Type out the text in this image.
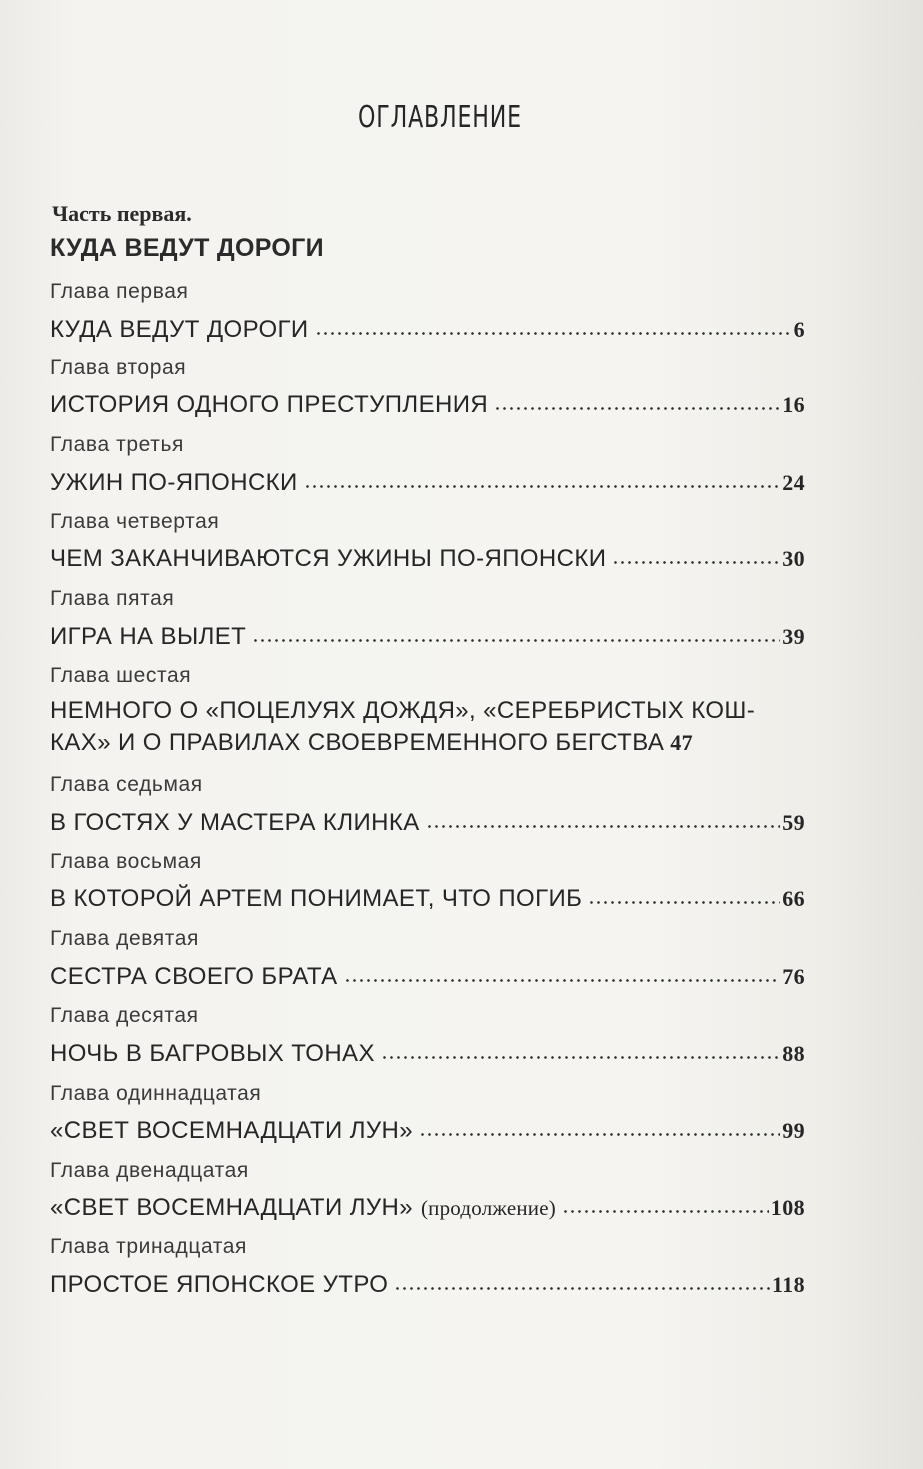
ОГЛАВЛЕНИЕ
Часть первая.
КУДА ВЕДУТ ДОРОГИ
Глава первая
КУДА ВЕДУТ ДОРОГИ	6
Глава вторая
ИСТОРИЯ ОДНОГО ПРЕСТУПЛЕНИЯ	16
Глава третья
УЖИН ПО-ЯПОНСКИ	24
Глава четвертая
ЧЕМ ЗАКАНЧИВАЮТСЯ УЖИНЫ ПО-ЯПОНСКИ	30
Глава пятая
ИГРА НА ВЫЛЕТ	39
Глава шестая
НЕМНОГО О «ПОЦЕЛУЯХ ДОЖДЯ», «СЕРЕБРИСТЫХ КОШ-
КАХ» И О ПРАВИЛАХ СВОЕВРЕМЕННОГО БЕГСТВА 47
Глава седьмая
В ГОСТЯХ У МАСТЕРА КЛИНКА	59
Глава восьмая
В КОТОРОЙ АРТЕМ ПОНИМАЕТ, ЧТО ПОГИБ	66
Глава девятая
СЕСТРА СВОЕГО БРАТА	76
Глава десятая
НОЧЬ В БАГРОВЫХ ТОНАХ	88
Глава одиннадцатая
«СВЕТ ВОСЕМНАДЦАТИ ЛУН»	99
Глава двенадцатая
«СВЕТ ВОСЕМНАДЦАТИ ЛУН» (продолжение)	108
Глава тринадцатая
ПРОСТОЕ ЯПОНСКОЕ УТРО	118
